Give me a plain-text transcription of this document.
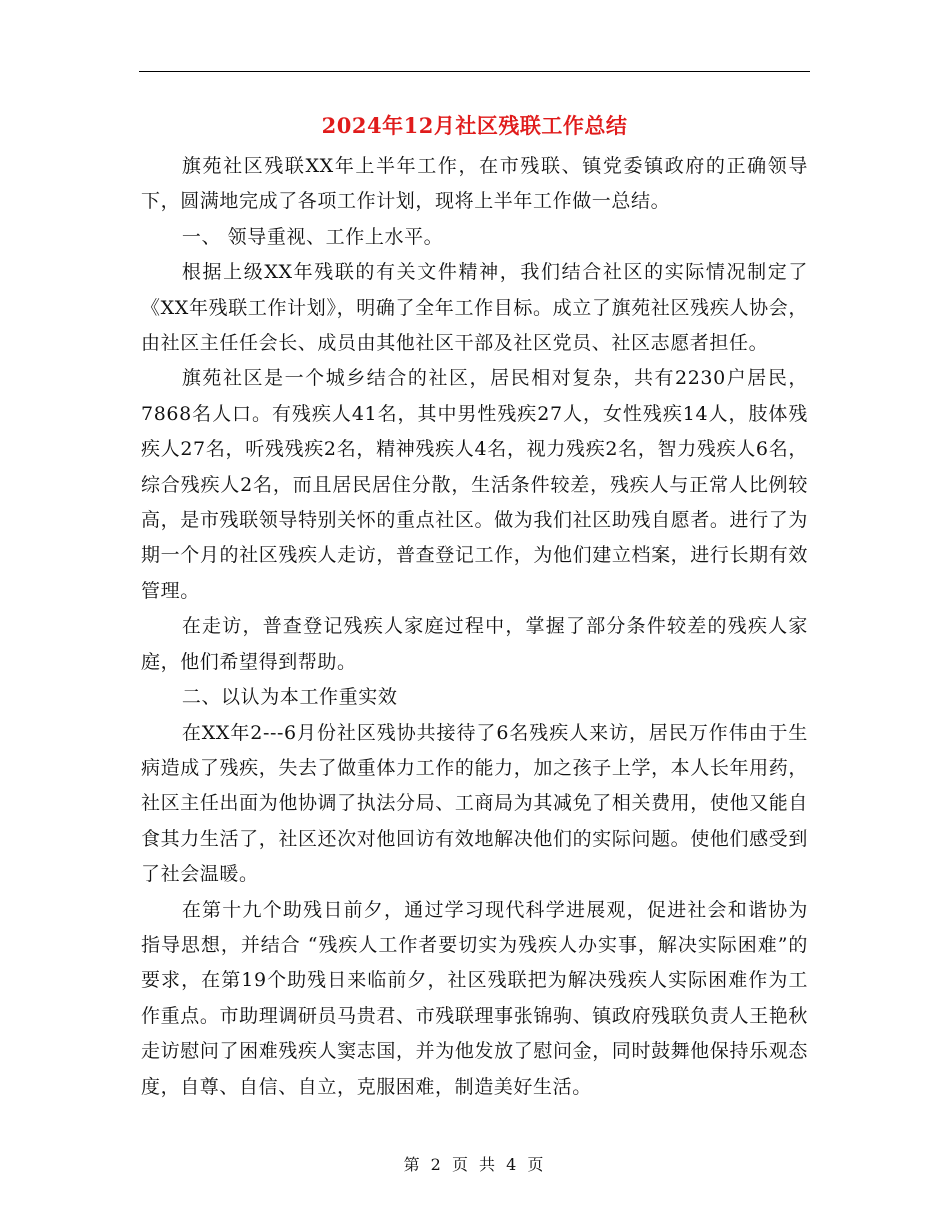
2024年12月社区残联工作总结

旗苑社区残联XX年上半年工作，在市残联、镇党委镇政府的正确领导下，圆满地完成了各项工作计划，现将上半年工作做一总结。

一、 领导重视、工作上水平。

根据上级XX年残联的有关文件精神，我们结合社区的实际情况制定了《XX年残联工作计划》，明确了全年工作目标。成立了旗苑社区残疾人协会，由社区主任任会长、成员由其他社区干部及社区党员、社区志愿者担任。

旗苑社区是一个城乡结合的社区，居民相对复杂，共有2230户居民，7868名人口。有残疾人41名，其中男性残疾27人，女性残疾14人，肢体残疾人27名，听残残疾2名，精神残疾人4名，视力残疾2名，智力残疾人6名，综合残疾人2名，而且居民居住分散，生活条件较差，残疾人与正常人比例较高，是市残联领导特别关怀的重点社区。做为我们社区助残自愿者。进行了为期一个月的社区残疾人走访，普查登记工作，为他们建立档案，进行长期有效管理。

在走访，普查登记残疾人家庭过程中，掌握了部分条件较差的残疾人家庭，他们希望得到帮助。

二、以认为本工作重实效

在XX年2---6月份社区残协共接待了6名残疾人来访，居民万作伟由于生病造成了残疾，失去了做重体力工作的能力，加之孩子上学，本人长年用药，社区主任出面为他协调了执法分局、工商局为其减免了相关费用，使他又能自食其力生活了，社区还次对他回访有效地解决他们的实际问题。使他们感受到了社会温暖。

在第十九个助残日前夕，通过学习现代科学进展观，促进社会和谐协为指导思想，并结合 “残疾人工作者要切实为残疾人办实事，解决实际困难”的要求，在第19个助残日来临前夕，社区残联把为解决残疾人实际困难作为工作重点。市助理调研员马贵君、市残联理事张锦驹、镇政府残联负责人王艳秋走访慰问了困难残疾人窦志国，并为他发放了慰问金，同时鼓舞他保持乐观态度，自尊、自信、自立，克服困难，制造美好生活。

第 2 页 共 4 页
